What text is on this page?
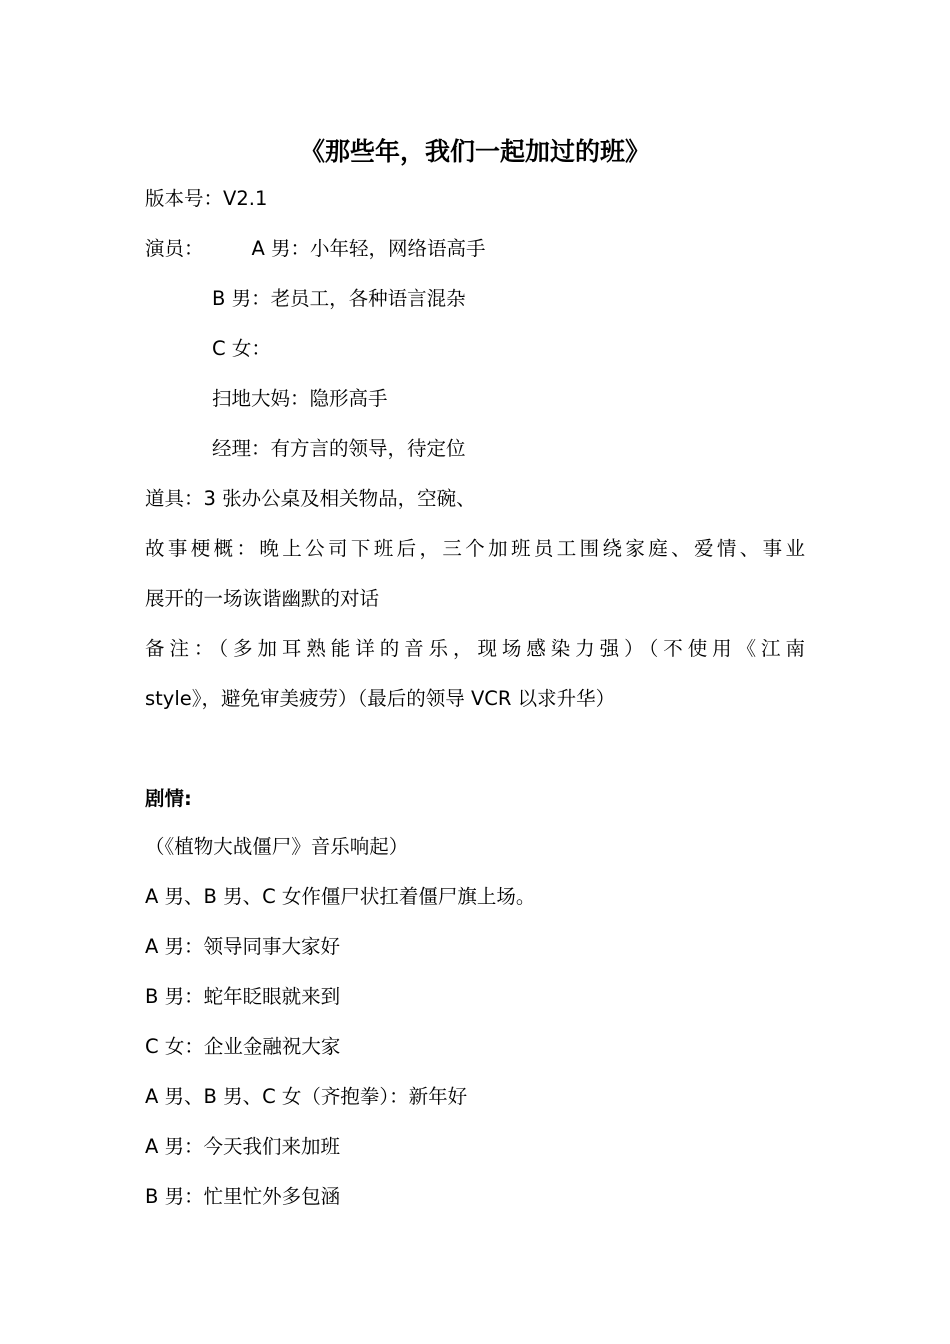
《那些年，我们一起加过的班》
版本号：V2.1
演员： A 男：小年轻，网络语高手
B 男：老员工，各种语言混杂
C 女：
扫地大妈：隐形高手
经理：有方言的领导，待定位
道具：3 张办公桌及相关物品，空碗、
故事梗概：晚上公司下班后，三个加班员工围绕家庭、爱情、事业
展开的一场诙谐幽默的对话
备注：（多加耳熟能详的音乐，现场感染力强）（不使用《江南
style》，避免审美疲劳）（最后的领导 VCR 以求升华）
剧情:
（《植物大战僵尸》音乐响起）
A 男、B 男、C 女作僵尸状扛着僵尸旗上场。
A 男：领导同事大家好
B 男：蛇年眨眼就来到
C 女：企业金融祝大家
A 男、B 男、C 女（齐抱拳）：新年好
A 男：今天我们来加班
B 男：忙里忙外多包涵
